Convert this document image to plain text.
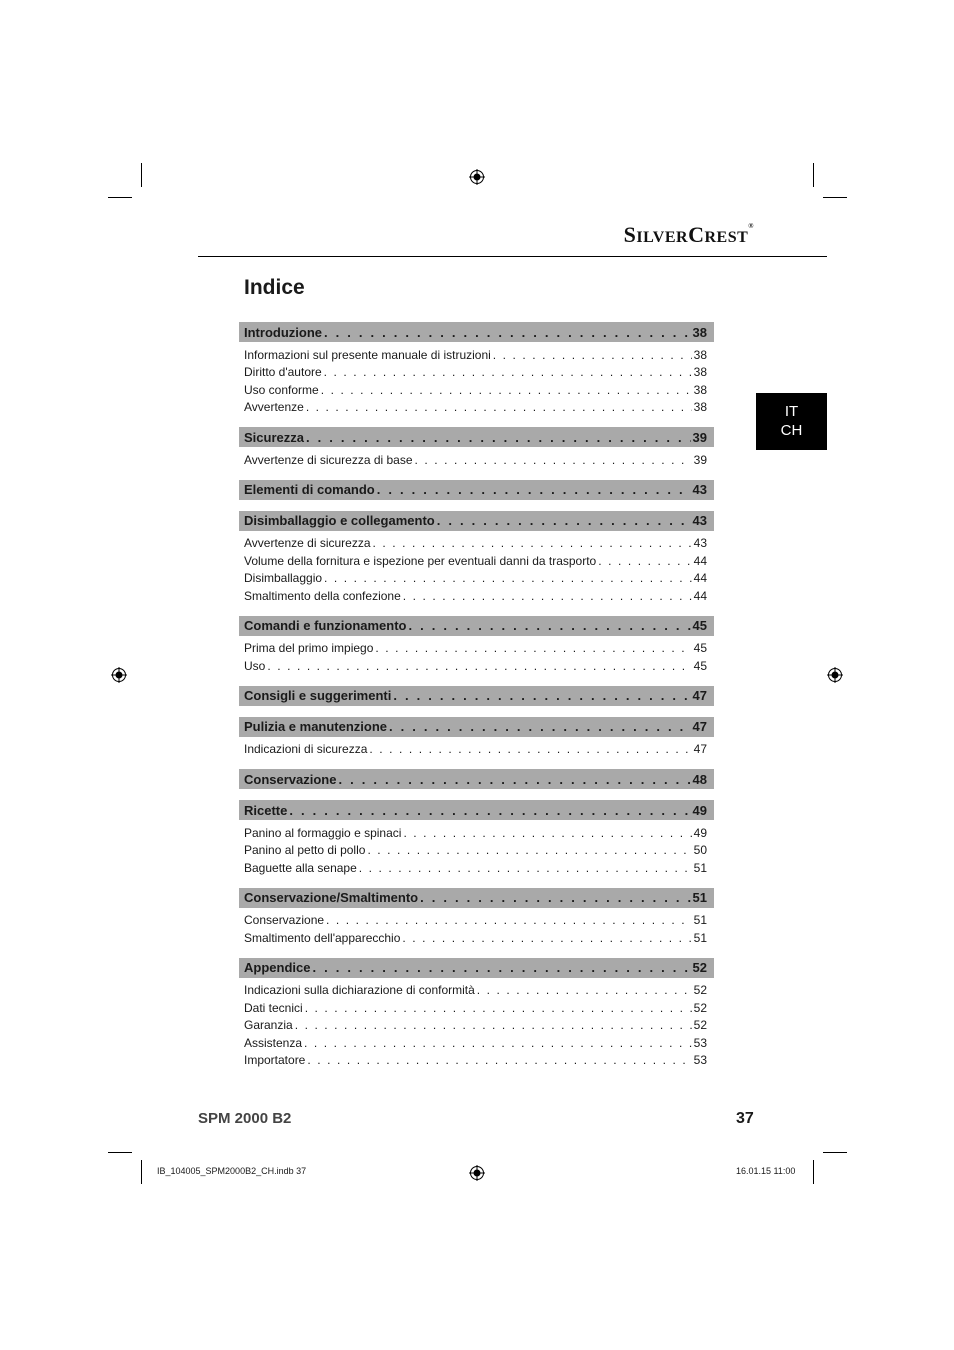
SILVERCREST®
Indice
IT
CH
Introduzione . . .	38
Informazioni sul presente manuale di istruzioni . . .	38
Diritto d'autore . . .	38
Uso conforme . . .	38
Avvertenze . . .	38
Sicurezza . . .	39
Avvertenze di sicurezza di base . . .	39
Elementi di comando . . .	43
Disimballaggio e collegamento . . .	43
Avvertenze di sicurezza . . .	43
Volume della fornitura e ispezione per eventuali danni da trasporto . . .	44
Disimballaggio . . .	44
Smaltimento della confezione . . .	44
Comandi e funzionamento . . .	45
Prima del primo impiego . . .	45
Uso . . .	45
Consigli e suggerimenti . . .	47
Pulizia e manutenzione . . .	47
Indicazioni di sicurezza . . .	47
Conservazione . . .	48
Ricette . . .	49
Panino al formaggio e spinaci . . .	49
Panino al petto di pollo . . .	50
Baguette alla senape . . .	51
Conservazione/Smaltimento . . .	51
Conservazione . . .	51
Smaltimento dell'apparecchio . . .	51
Appendice . . .	52
Indicazioni sulla dichiarazione di conformità . . .	52
Dati tecnici . . .	52
Garanzia . . .	52
Assistenza . . .	53
Importatore . . .	53
SPM 2000 B2	37
IB_104005_SPM2000B2_CH.indb 37	16.01.15 11:00
